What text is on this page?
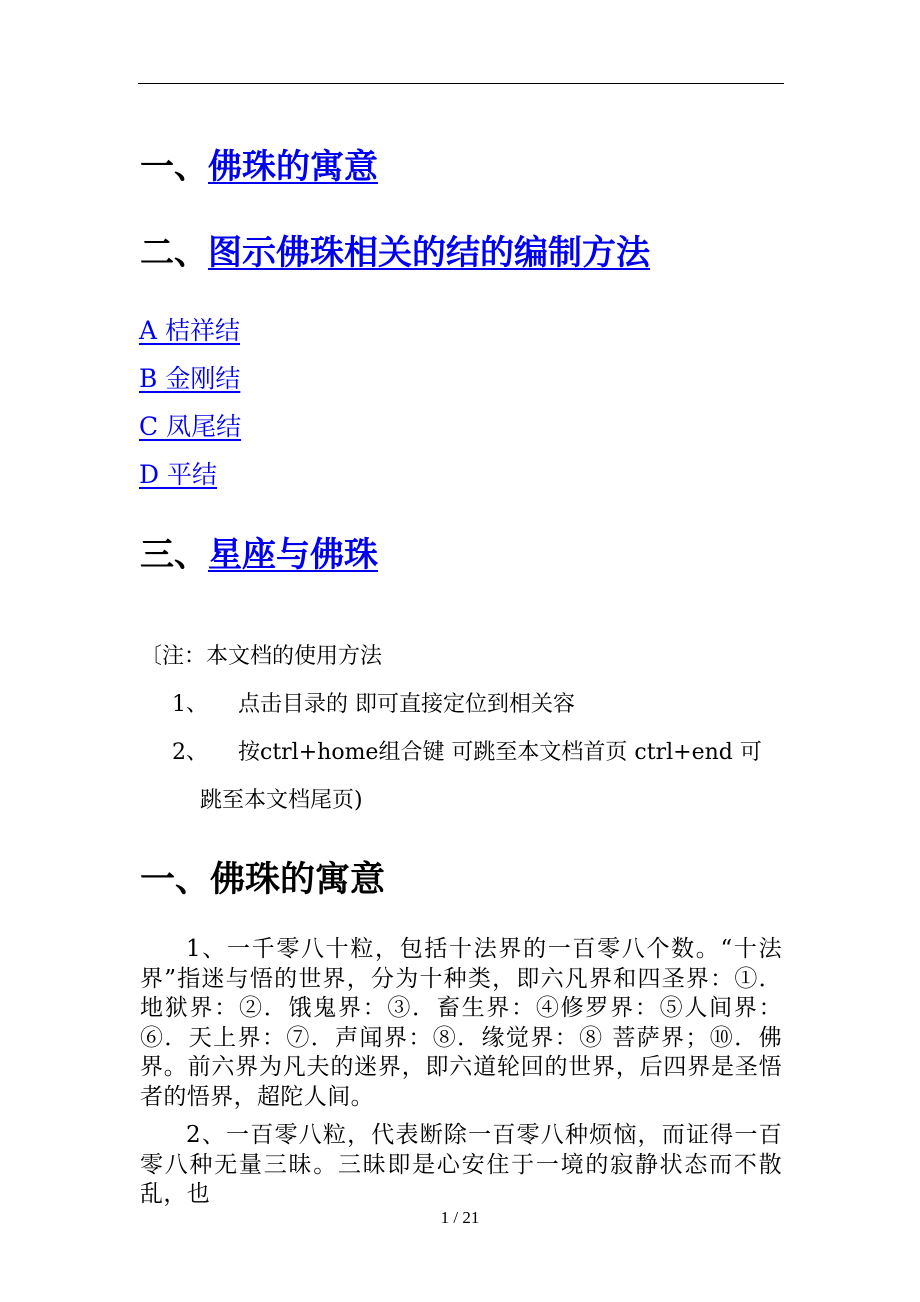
一、佛珠的寓意
二、图示佛珠相关的结的编制方法
A 桔祥结
B 金刚结
C 凤尾结
D 平结
三、星座与佛珠
〔注：本文档的使用方法
1、 点击目录的 即可直接定位到相关容
2、 按ctrl+home组合键 可跳至本文档首页 ctrl+end 可
跳至本文档尾页)
一、佛珠的寓意
1、一千零八十粒，包括十法界的一百零八个数。“十法界”指迷与悟的世界，分为十种类，即六凡界和四圣界：①．地狱界：②．饿鬼界：③．畜生界：④修罗界：⑤人间界：⑥．天上界：⑦．声闻界：⑧．缘觉界：⑧ 菩萨界；⑩．佛界。前六界为凡夫的迷界，即六道轮回的世界，后四界是圣悟者的悟界，超陀人间。
2、一百零八粒，代表断除一百零八种烦恼，而证得一百零八种无量三昧。三昧即是心安住于一境的寂静状态而不散乱，也
1 / 21
